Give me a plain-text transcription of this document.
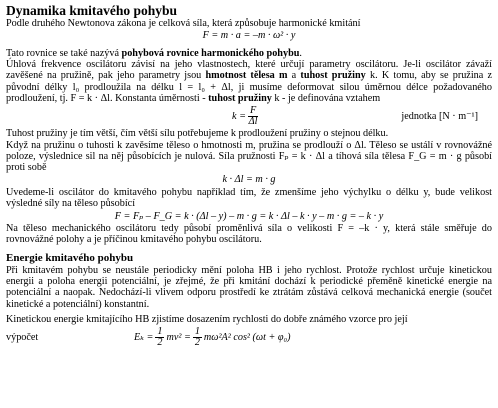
Dynamika kmitavého pohybu

Podle druhého Newtonova zákona je celková síla, která způsobuje harmonické kmitání

F = m · a = –m · ω² · y

Tato rovnice se také nazývá pohybová rovnice harmonického pohybu.

Úhlová frekvence oscilátoru závisí na jeho vlastnostech, které určují parametry oscilátoru. Je-li oscilátor závaží zavěšené na pružině, pak jeho parametry jsou hmotnost tělesa m a tuhost pružiny k. K tomu, aby se pružina z původní délky l₀ prodloužila na délku l = l₀ + Δl, ji musíme deformovat silou úměrnou délce požadovaného prodloužení, tj. F = k · Δl. Konstanta úměrnosti - tuhost pružiny k - je definována vztahem

$k = \frac{F}{\Delta l}$	jednotka [N · m⁻¹]

Tuhost pružiny je tím větší, čím větší sílu potřebujeme k prodloužení pružiny o stejnou délku.

Když na pružinu o tuhosti k zavěsíme těleso o hmotnosti m, pružina se prodlouží o Δl. Těleso se ustálí v rovnovážné poloze, výslednice sil na něj působících je nulová. Síla pružnosti Fₚ = k · Δl a tíhová síla tělesa F_G = m · g působí proti sobě

k · Δl = m · g

Uvedeme-li oscilátor do kmitavého pohybu například tím, že zmenšíme jeho výchylku o délku y, bude velikost výsledné síly na těleso působící

F = Fₚ – F_G = k · (Δl – y) – m · g = k · Δl – k · y – m · g = – k · y

Na těleso mechanického oscilátoru tedy působí proměnlivá síla o velikosti F = –k · y, která stále směřuje do rovnovážné polohy a je příčinou kmitavého pohybu oscilátoru.

Energie kmitavého pohybu

Při kmitavém pohybu se neustále periodicky mění poloha HB i jeho rychlost. Protože rychlost určuje kinetickou energii a poloha energii potenciální, je zřejmé, že při kmitání dochází k periodické přeměně kinetické energie na potenciální a naopak. Nedochází-li vlivem odporu prostředí ke ztrátám zůstává celková mechanická energie (součet kinetické a potenciální) konstantní.

Kinetickou energie kmitajícího HB zjistíme dosazením rychlosti do dobře známého vzorce pro její

výpočet	$E_k = \frac{1}{2} mv^2 = \frac{1}{2} m\omega^2A^2$ cos² (ωt + φ₀)
